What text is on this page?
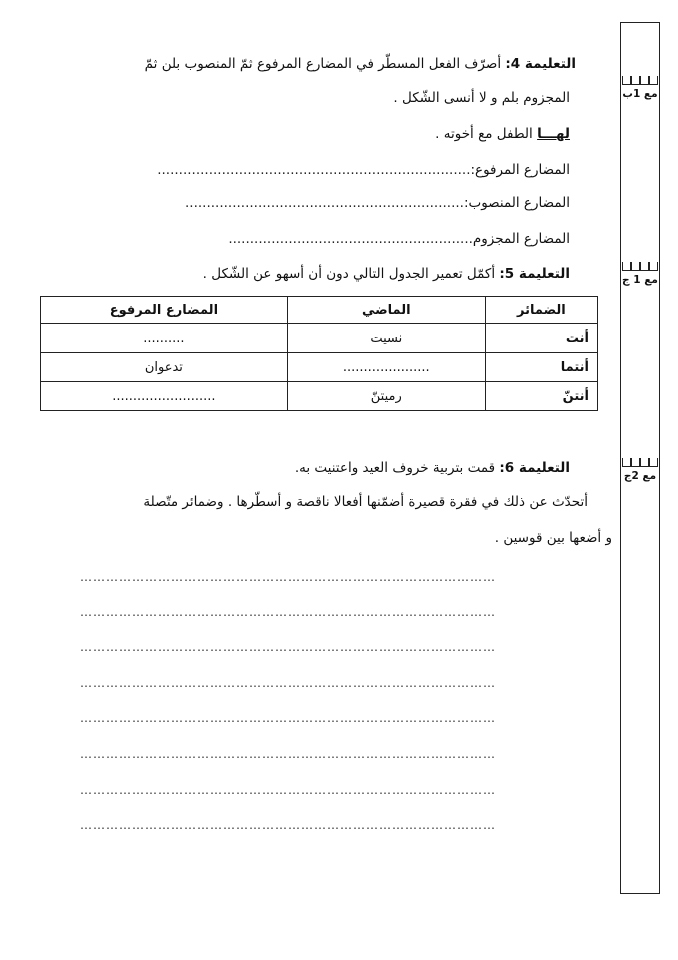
مع 1ب
مع 1 ج
مع 2ج
التعليمة 4: أصرّف الفعل المسطّر في المضارع المرفوع ثمّ المنصوب بلن ثمّ
المجزوم بلم و لا أنسى الشّكل .
لهـــا الطفل مع أخوته .
المضارع المرفوع:.........................................................................
المضارع المنصوب:.................................................................
المضارع المجزوم.........................................................
التعليمة 5: أكمّل تعمير الجدول التالي دون أن أسهو عن الشّكل .
الضمائر	الماضي	المضارع المرفوع
أنت	نسيت	..........
أنتما	.....................	تدعوان
أنتنّ	رميتنّ	.........................
التعليمة 6: قمت بتربية خروف العيد واعتنيت به.
أتحدّث عن ذلك في فقرة قصيرة أضمّنها أفعالا ناقصة و أسطّرها . وضمائر متّصلة
و أضعها بين قوسين .
……………………………………………………………………………………
……………………………………………………………………………………
……………………………………………………………………………………
……………………………………………………………………………………
……………………………………………………………………………………
……………………………………………………………………………………
……………………………………………………………………………………
……………………………………………………………………………………
